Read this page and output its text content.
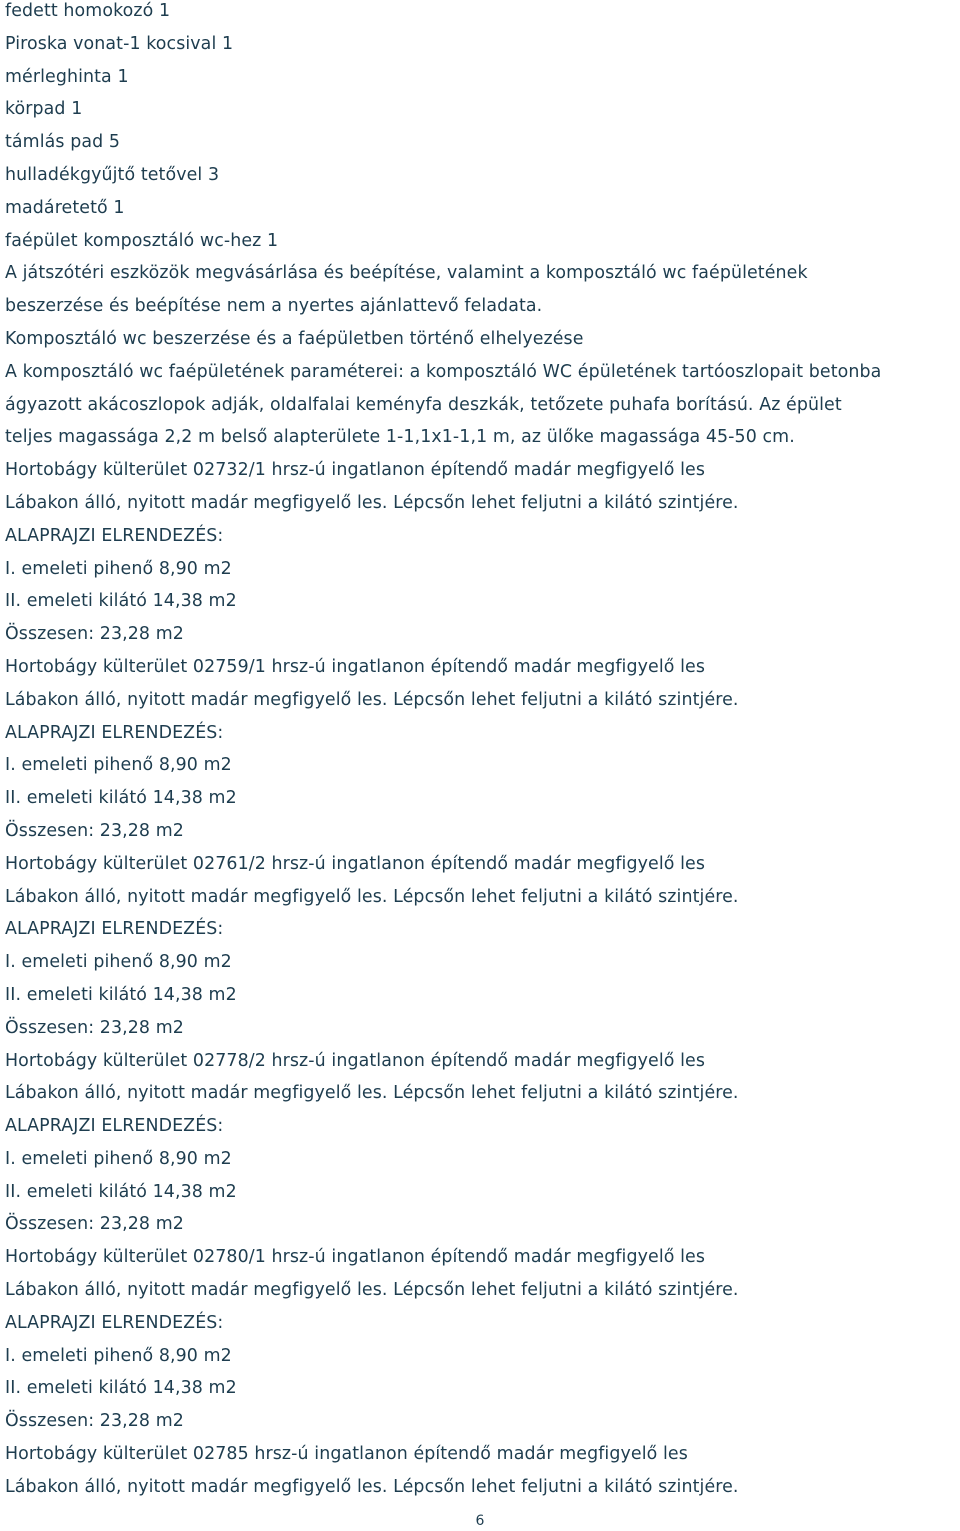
fedett homokozó 1
Piroska vonat-1 kocsival 1
mérleghinta 1
körpad 1
támlás pad 5
hulladékgyűjtő tetővel 3
madáretető 1
faépület komposztáló wc-hez 1
A játszótéri eszközök megvásárlása és beépítése, valamint a komposztáló wc faépületének
beszerzése és beépítése nem a nyertes ajánlattevő feladata.
Komposztáló wc beszerzése és a faépületben történő elhelyezése
A komposztáló wc faépületének paraméterei: a komposztáló WC épületének tartóoszlopait betonba
ágyazott akácoszlopok adják, oldalfalai keményfa deszkák, tetőzete puhafa borítású. Az épület
teljes magassága 2,2 m belső alapterülete 1-1,1x1-1,1 m, az ülőke magassága 45-50 cm.
Hortobágy külterület 02732/1 hrsz-ú ingatlanon építendő madár megfigyelő les
Lábakon álló, nyitott madár megfigyelő les. Lépcsőn lehet feljutni a kilátó szintjére.
ALAPRAJZI ELRENDEZÉS:
I. emeleti pihenő 8,90 m2
II. emeleti kilátó 14,38 m2
Összesen: 23,28 m2
Hortobágy külterület 02759/1 hrsz-ú ingatlanon építendő madár megfigyelő les
Lábakon álló, nyitott madár megfigyelő les. Lépcsőn lehet feljutni a kilátó szintjére.
ALAPRAJZI ELRENDEZÉS:
I. emeleti pihenő 8,90 m2
II. emeleti kilátó 14,38 m2
Összesen: 23,28 m2
Hortobágy külterület 02761/2 hrsz-ú ingatlanon építendő madár megfigyelő les
Lábakon álló, nyitott madár megfigyelő les. Lépcsőn lehet feljutni a kilátó szintjére.
ALAPRAJZI ELRENDEZÉS:
I. emeleti pihenő 8,90 m2
II. emeleti kilátó 14,38 m2
Összesen: 23,28 m2
Hortobágy külterület 02778/2 hrsz-ú ingatlanon építendő madár megfigyelő les
Lábakon álló, nyitott madár megfigyelő les. Lépcsőn lehet feljutni a kilátó szintjére.
ALAPRAJZI ELRENDEZÉS:
I. emeleti pihenő 8,90 m2
II. emeleti kilátó 14,38 m2
Összesen: 23,28 m2
Hortobágy külterület 02780/1 hrsz-ú ingatlanon építendő madár megfigyelő les
Lábakon álló, nyitott madár megfigyelő les. Lépcsőn lehet feljutni a kilátó szintjére.
ALAPRAJZI ELRENDEZÉS:
I. emeleti pihenő 8,90 m2
II. emeleti kilátó 14,38 m2
Összesen: 23,28 m2
Hortobágy külterület 02785 hrsz-ú ingatlanon építendő madár megfigyelő les
Lábakon álló, nyitott madár megfigyelő les. Lépcsőn lehet feljutni a kilátó szintjére.
6
